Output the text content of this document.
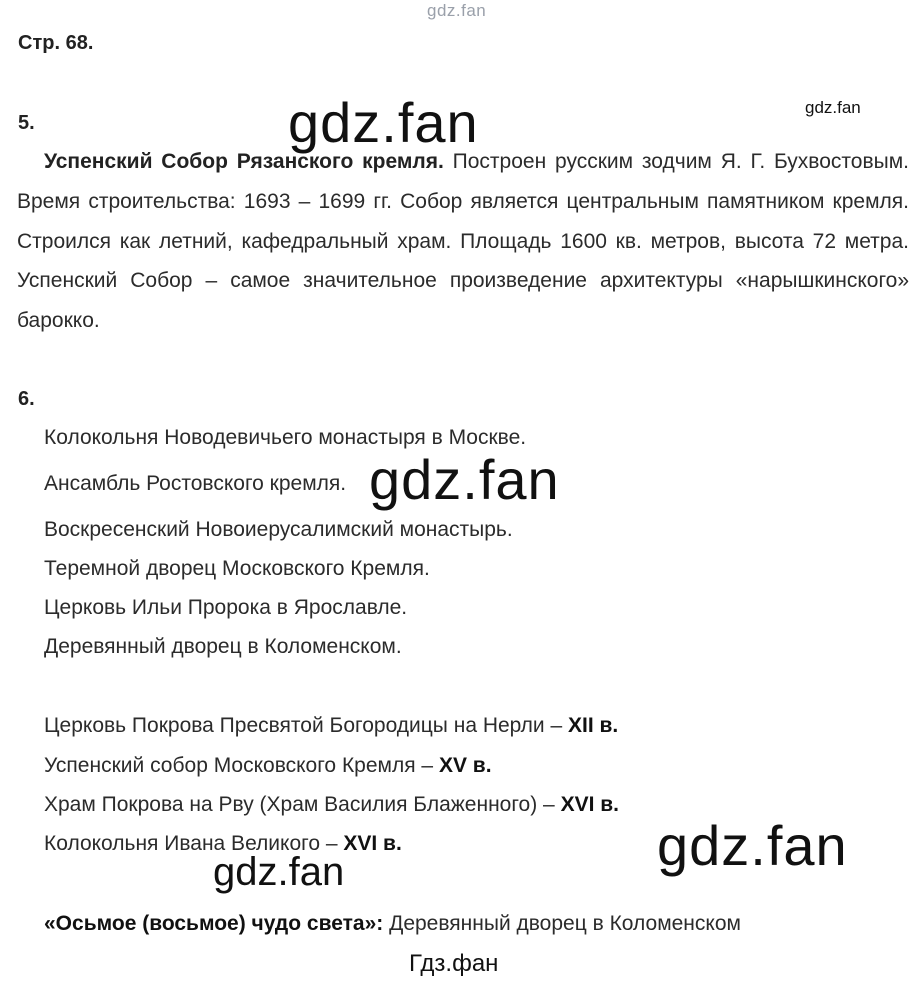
gdz.fan
Стр. 68.
5.
gdz.fan
Успенский Собор Рязанского кремля. Построен русским зодчим Я. Г. Бухвостовым. Время строительства: 1693 – 1699 гг. Собор является центральным памятником кремля. Строился как летний, кафедральный храм. Площадь 1600 кв. метров, высота 72 метра. Успенский Собор – самое значительное произведение архитектуры «нарышкинского» барокко.
gdz.fan
6.
Колокольня Новодевичьего монастыря в Москве.
Ансамбль Ростовского кремля.
Воскресенский Новоиерусалимский монастырь.
Теремной дворец Московского Кремля.
Церковь Ильи Пророка в Ярославле.
Деревянный дворец в Коломенском.
gdz.fan
Церковь Покрова Пресвятой Богородицы на Нерли – XII в.
Успенский собор Московского Кремля – XV в.
Храм Покрова на Рву (Храм Василия Блаженного) – XVI в.
Колокольня Ивана Великого – XVI в.	gdz.fan
gdz.fan
«Осьмое (восьмое) чудо света»: Деревянный дворец в Коломенском
Гдз.фан
